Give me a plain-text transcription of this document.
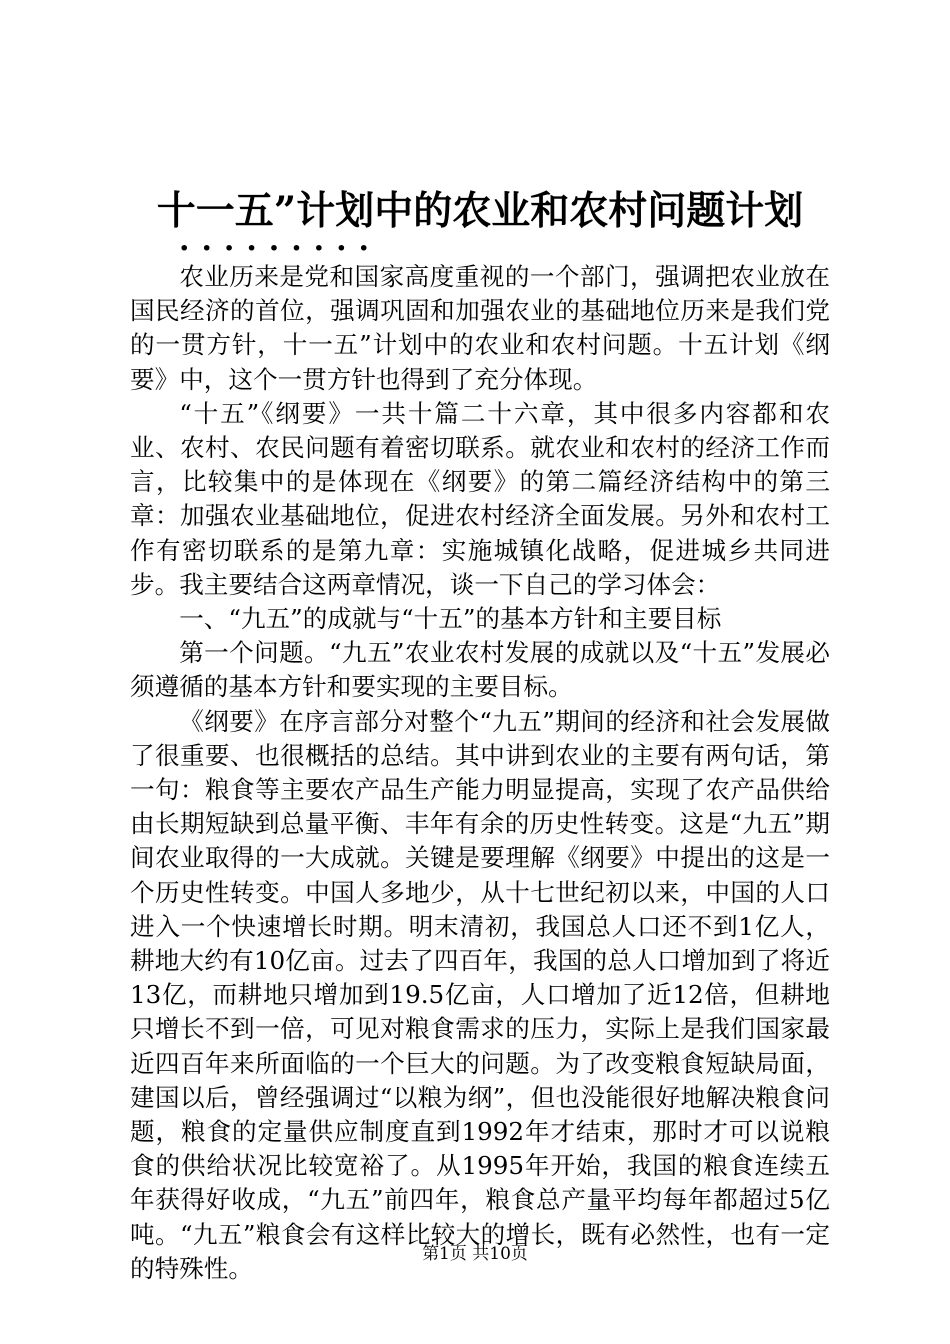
十一五”计划中的农业和农村问题计划
·········

农业历来是党和国家高度重视的一个部门，强调把农业放在国民经济的首位，强调巩固和加强农业的基础地位历来是我们党的一贯方针，十一五”计划中的农业和农村问题。十五计划《纲要》中，这个一贯方针也得到了充分体现。

“十五”《纲要》一共十篇二十六章，其中很多内容都和农业、农村、农民问题有着密切联系。就农业和农村的经济工作而言，比较集中的是体现在《纲要》的第二篇经济结构中的第三章：加强农业基础地位，促进农村经济全面发展。另外和农村工作有密切联系的是第九章：实施城镇化战略，促进城乡共同进步。我主要结合这两章情况，谈一下自己的学习体会：

一、“九五”的成就与“十五”的基本方针和主要目标

第一个问题。“九五”农业农村发展的成就以及“十五”发展必须遵循的基本方针和要实现的主要目标。

《纲要》在序言部分对整个“九五”期间的经济和社会发展做了很重要、也很概括的总结。其中讲到农业的主要有两句话，第一句：粮食等主要农产品生产能力明显提高，实现了农产品供给由长期短缺到总量平衡、丰年有余的历史性转变。这是“九五”期间农业取得的一大成就。关键是要理解《纲要》中提出的这是一个历史性转变。中国人多地少，从十七世纪初以来，中国的人口进入一个快速增长时期。明末清初，我国总人口还不到1亿人，耕地大约有10亿亩。过去了四百年，我国的总人口增加到了将近13亿，而耕地只增加到19.5亿亩，人口增加了近12倍，但耕地只增长不到一倍，可见对粮食需求的压力，实际上是我们国家最近四百年来所面临的一个巨大的问题。为了改变粮食短缺局面，建国以后，曾经强调过“以粮为纲”，但也没能很好地解决粮食问题，粮食的定量供应制度直到1992年才结束，那时才可以说粮食的供给状况比较宽裕了。从1995年开始，我国的粮食连续五年获得好收成，“九五”前四年，粮食总产量平均每年都超过5亿吨。“九五”粮食会有这样比较大的增长，既有必然性，也有一定的特殊性。	第1页 共10页
